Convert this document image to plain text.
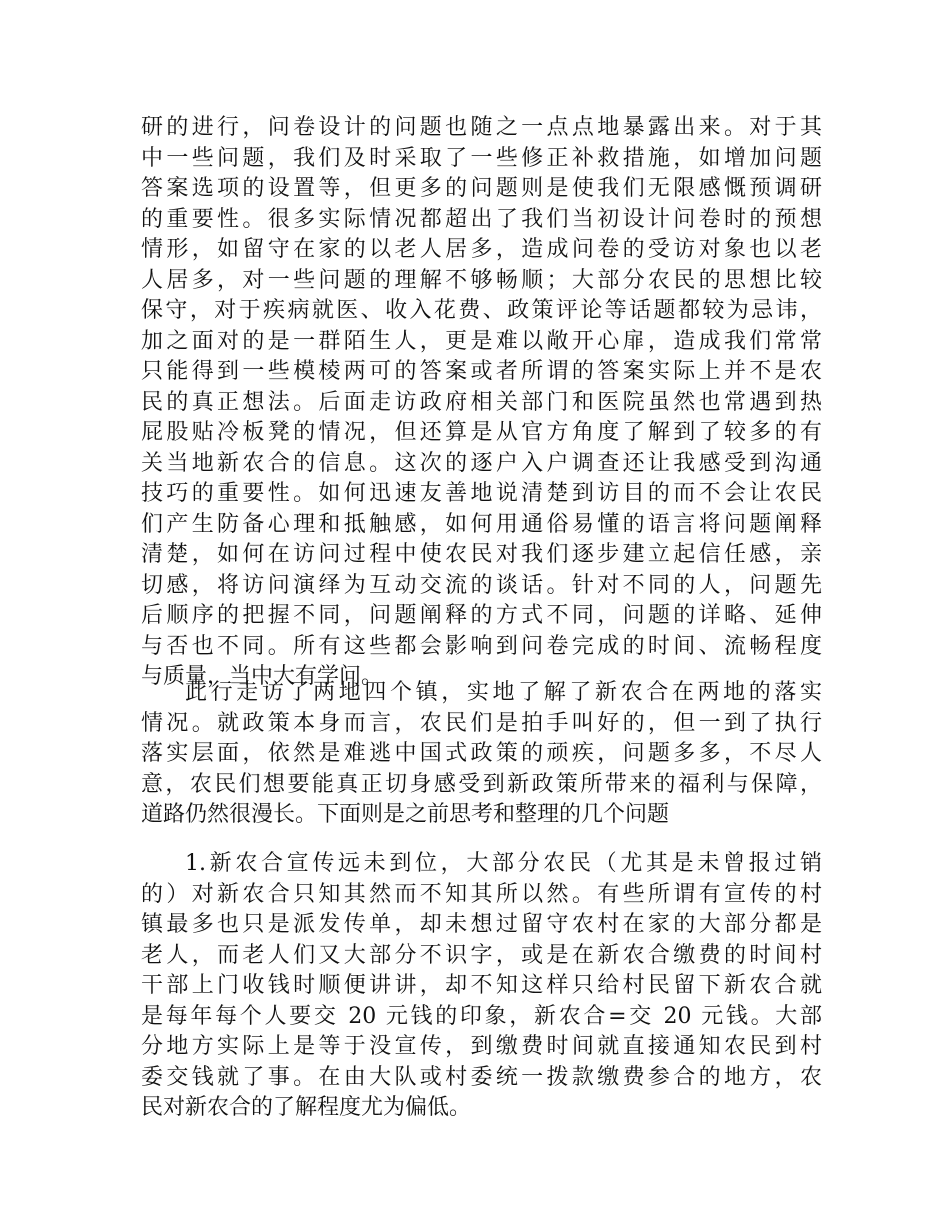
研的进行，问卷设计的问题也随之一点点地暴露出来。对于其
中一些问题，我们及时采取了一些修正补救措施，如增加问题
答案选项的设置等，但更多的问题则是使我们无限感慨预调研
的重要性。很多实际情况都超出了我们当初设计问卷时的预想
情形，如留守在家的以老人居多，造成问卷的受访对象也以老
人居多，对一些问题的理解不够畅顺；大部分农民的思想比较
保守，对于疾病就医、收入花费、政策评论等话题都较为忌讳，
加之面对的是一群陌生人，更是难以敞开心扉，造成我们常常
只能得到一些模棱两可的答案或者所谓的答案实际上并不是农
民的真正想法。后面走访政府相关部门和医院虽然也常遇到热
屁股贴冷板凳的情况，但还算是从官方角度了解到了较多的有
关当地新农合的信息。这次的逐户入户调查还让我感受到沟通
技巧的重要性。如何迅速友善地说清楚到访目的而不会让农民
们产生防备心理和抵触感，如何用通俗易懂的语言将问题阐释
清楚，如何在访问过程中使农民对我们逐步建立起信任感，亲
切感，将访问演绎为互动交流的谈话。针对不同的人，问题先
后顺序的把握不同，问题阐释的方式不同，问题的详略、延伸
与否也不同。所有这些都会影响到问卷完成的时间、流畅程度
与质量，当中大有学问。
此行走访了两地四个镇，实地了解了新农合在两地的落实
情况。就政策本身而言，农民们是拍手叫好的，但一到了执行
落实层面，依然是难逃中国式政策的顽疾，问题多多，不尽人
意，农民们想要能真正切身感受到新政策所带来的福利与保障，
道路仍然很漫长。下面则是之前思考和整理的几个问题
1.新农合宣传远未到位，大部分农民（尤其是未曾报过销
的）对新农合只知其然而不知其所以然。有些所谓有宣传的村
镇最多也只是派发传单，却未想过留守农村在家的大部分都是
老人，而老人们又大部分不识字，或是在新农合缴费的时间村
干部上门收钱时顺便讲讲，却不知这样只给村民留下新农合就
是每年每个人要交 20 元钱的印象，新农合=交 20 元钱。大部
分地方实际上是等于没宣传，到缴费时间就直接通知农民到村
委交钱就了事。在由大队或村委统一拨款缴费参合的地方，农
民对新农合的了解程度尤为偏低。
